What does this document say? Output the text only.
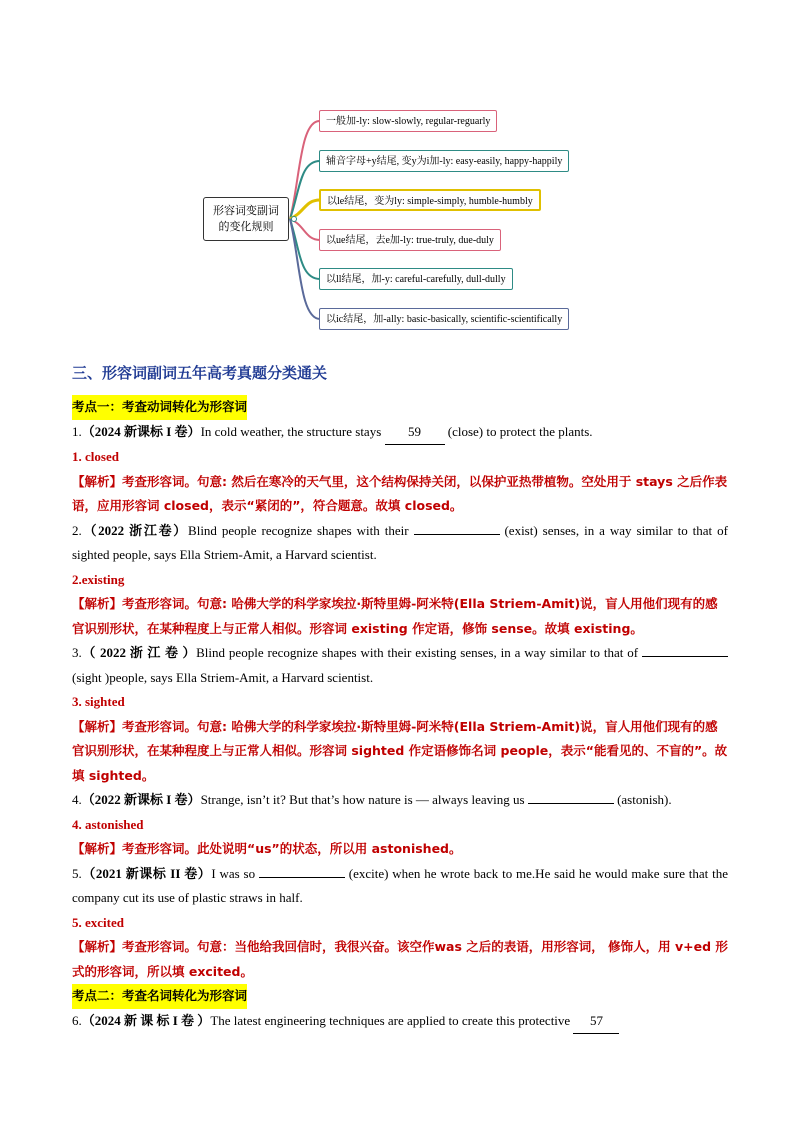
形容词变副词
的变化规则
一般加-ly: slow-slowly, regular-reguarly
辅音字母+y结尾, 变y为i加-ly: easy-easily, happy-happily
以le结尾，变为ly: simple-simply, humble-humbly
以ue结尾，去e加-ly: true-truly, due-duly
以ll结尾，加-y: careful-carefully, dull-dully
以ic结尾，加-ally: basic-basically, scientific-scientifically
三、形容词副词五年高考真题分类通关
考点一：考查动词转化为形容词
1.（2024 新课标 I 卷）In cold weather, the structure stays 59 (close) to protect the plants.
1. closed
【解析】考查形容词。句意: 然后在寒冷的天气里，这个结构保持关闭，以保护亚热带植物。空处用于 stays 之后作表语，应用形容词 closed，表示“紧闭的”，符合题意。故填 closed。
2.（2022 浙江卷）Blind people recognize shapes with their	(exist) senses, in a way similar to that of sighted people, says Ella Striem-Amit, a Harvard scientist.
2.existing
【解析】考查形容词。句意: 哈佛大学的科学家埃拉·斯特里姆-阿米特(Ella Striem-Amit)说，盲人用他们现有的感官识别形状，在某种程度上与正常人相似。形容词 existing 作定语，修饰 sense。故填 existing。
3.（ 2022 浙 江 卷 ）Blind people recognize shapes with their existing senses, in a way similar to that of  (sight )people, says Ella Striem-Amit, a Harvard scientist.
3. sighted
【解析】考查形容词。句意: 哈佛大学的科学家埃拉·斯特里姆-阿米特(Ella Striem-Amit)说，盲人用他们现有的感官识别形状，在某种程度上与正常人相似。形容词 sighted 作定语修饰名词 people，表示“能看见的、不盲的”。故填 sighted。
4.（2022 新课标 I 卷）Strange, isn’t it? But that’s how nature is — always leaving us	(astonish).
4. astonished
【解析】考查形容词。此处说明“us”的状态，所以用 astonished。
5.（2021 新课标 II 卷）I was so	(excite) when he wrote back to me.He said he would make sure that the company cut its use of plastic straws in half.
5. excited
【解析】考查形容词。句意：当他给我回信时，我很兴奋。该空作was 之后的表语，用形容词， 修饰人，用 v+ed 形式的形容词，所以填 excited。
考点二：考查名词转化为形容词
6.（2024 新 课 标 I 卷 ）The latest engineering techniques are applied to create this protective 57
